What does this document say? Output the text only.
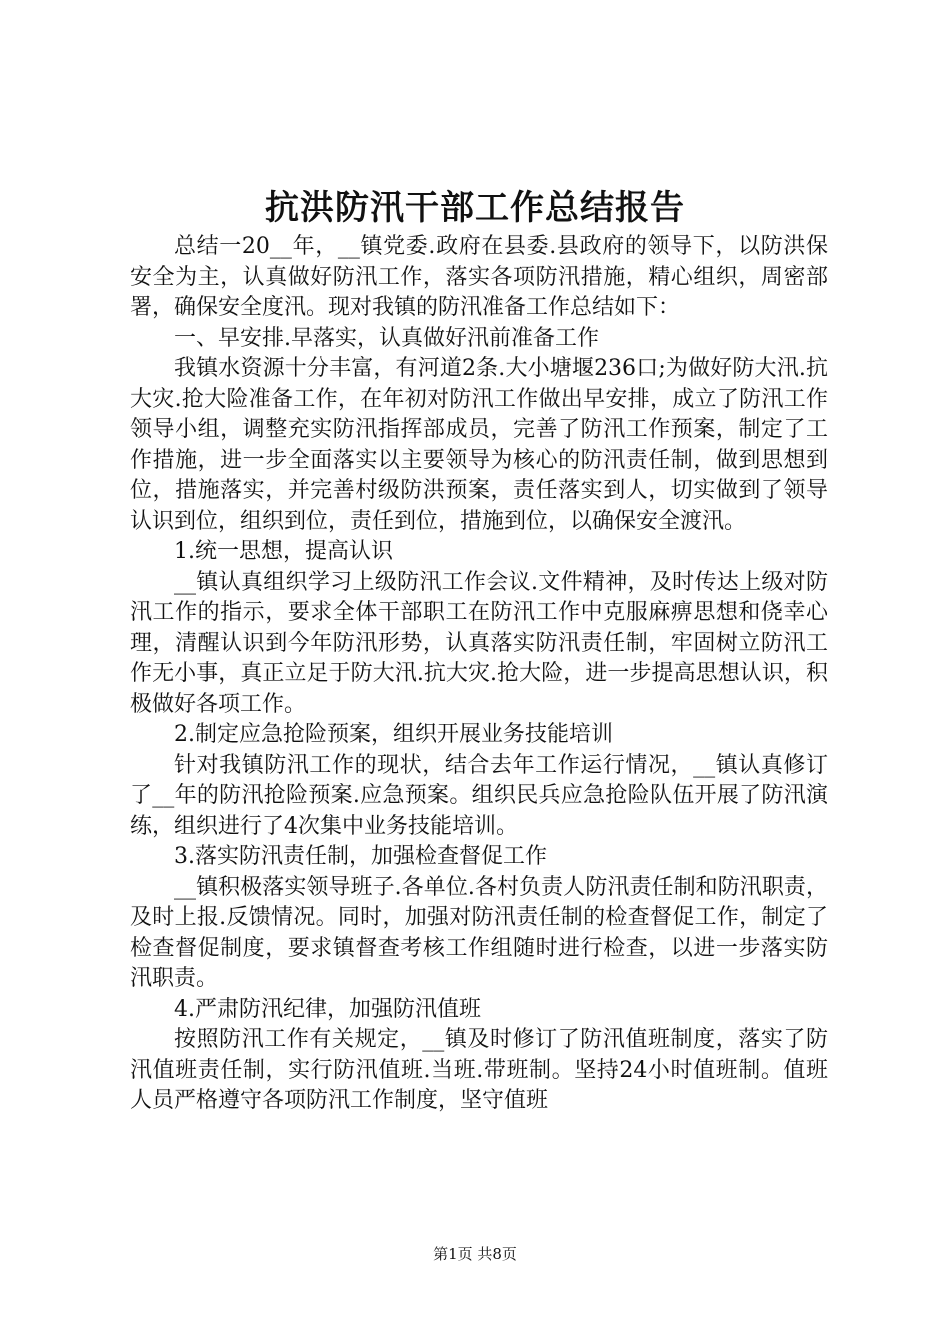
抗洪防汛干部工作总结报告

总结一20__年，__镇党委.政府在县委.县政府的领导下，以防洪保安全为主，认真做好防汛工作，落实各项防汛措施，精心组织，周密部署，确保安全度汛。现对我镇的防汛准备工作总结如下：

一、早安排.早落实，认真做好汛前准备工作

我镇水资源十分丰富，有河道2条.大小塘堰236口;为做好防大汛.抗大灾.抢大险准备工作，在年初对防汛工作做出早安排，成立了防汛工作领导小组，调整充实防汛指挥部成员，完善了防汛工作预案，制定了工作措施，进一步全面落实以主要领导为核心的防汛责任制，做到思想到位，措施落实，并完善村级防洪预案，责任落实到人，切实做到了领导认识到位，组织到位，责任到位，措施到位，以确保安全渡汛。

1.统一思想，提高认识

__镇认真组织学习上级防汛工作会议.文件精神，及时传达上级对防汛工作的指示，要求全体干部职工在防汛工作中克服麻痹思想和侥幸心理，清醒认识到今年防汛形势，认真落实防汛责任制，牢固树立防汛工作无小事，真正立足于防大汛.抗大灾.抢大险，进一步提高思想认识，积极做好各项工作。

2.制定应急抢险预案，组织开展业务技能培训

针对我镇防汛工作的现状，结合去年工作运行情况，__镇认真修订了__年的防汛抢险预案.应急预案。组织民兵应急抢险队伍开展了防汛演练，组织进行了4次集中业务技能培训。

3.落实防汛责任制，加强检查督促工作

__镇积极落实领导班子.各单位.各村负责人防汛责任制和防汛职责，及时上报.反馈情况。同时，加强对防汛责任制的检查督促工作，制定了检查督促制度，要求镇督查考核工作组随时进行检查，以进一步落实防汛职责。

4.严肃防汛纪律，加强防汛值班

按照防汛工作有关规定，__镇及时修订了防汛值班制度，落实了防汛值班责任制，实行防汛值班.当班.带班制。坚持24小时值班制。值班人员严格遵守各项防汛工作制度，坚守值班

第1页 共8页
